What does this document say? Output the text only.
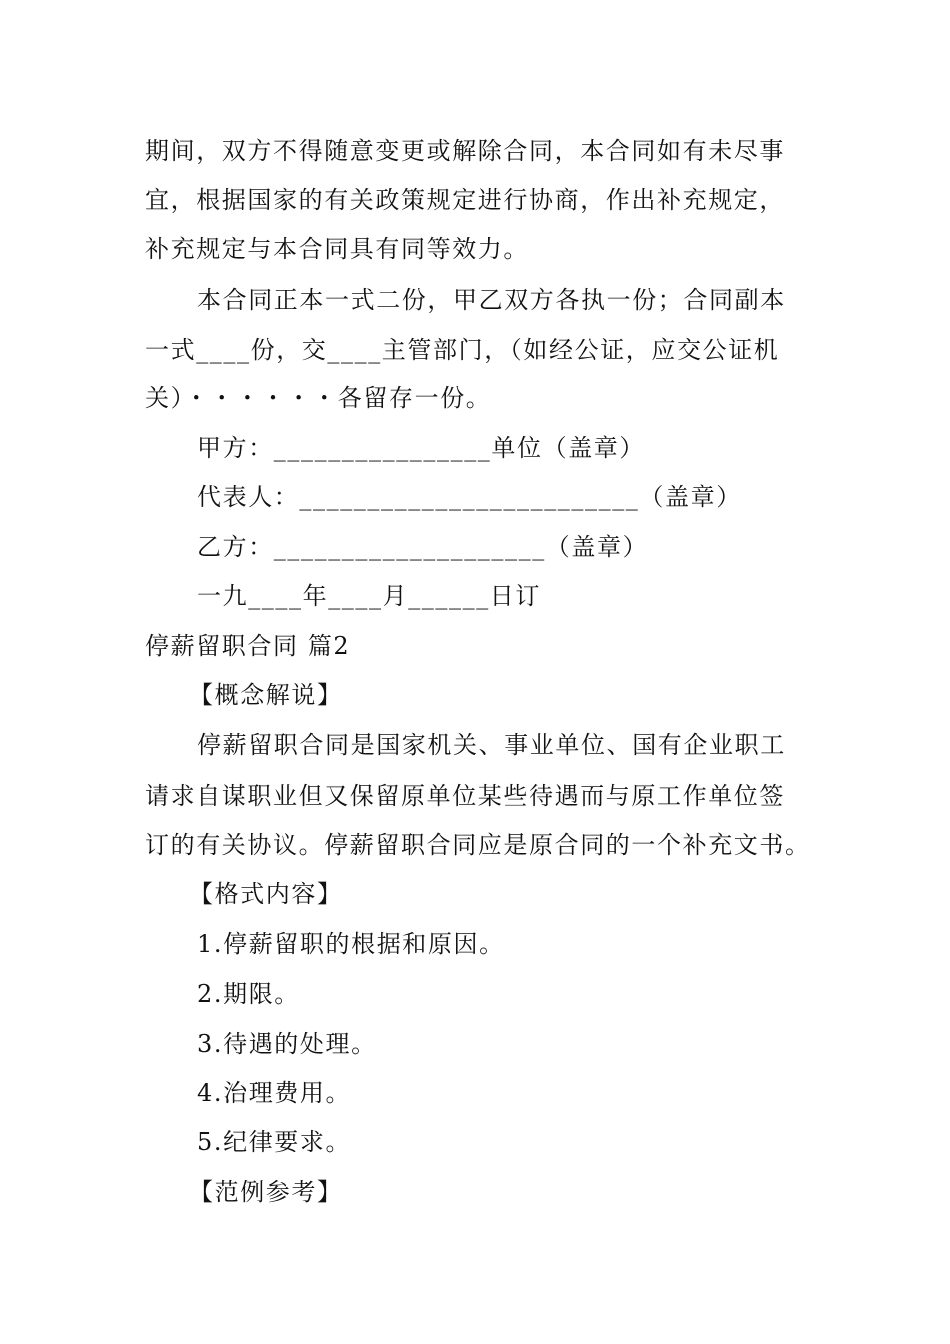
期间，双方不得随意变更或解除合同，本合同如有未尽事
宜，根据国家的有关政策规定进行协商，作出补充规定，
补充规定与本合同具有同等效力。
本合同正本一式二份，甲乙双方各执一份；合同副本
一式____份，交____主管部门，（如经公证，应交公证机
关）・・・・・・各留存一份。
甲方：________________单位（盖章）
代表人：_________________________（盖章）
乙方：____________________（盖章）
一九____年____月______日订
停薪留职合同 篇2
【概念解说】
停薪留职合同是国家机关、事业单位、国有企业职工
请求自谋职业但又保留原单位某些待遇而与原工作单位签
订的有关协议。停薪留职合同应是原合同的一个补充文书。
【格式内容】
1.停薪留职的根据和原因。
2.期限。
3.待遇的处理。
4.治理费用。
5.纪律要求。
【范例参考】
